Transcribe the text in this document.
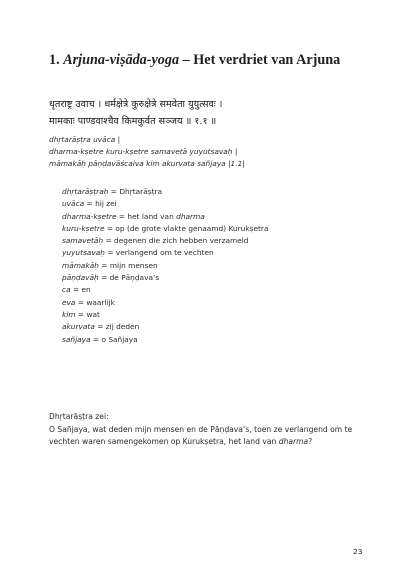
1. Arjuna-viṣāda-yoga – Het verdriet van Arjuna
धृतराष्ट्र उवाच । धर्मक्षेत्रे कुरुक्षेत्रे समवेता युयुत्सवः ।
मामकाः पाण्डवाश्चैव किमकुर्वत सञ्जय ॥ १.१ ॥
dhṛtarāṣṭra uvāca |
dharma-kṣetre kuru-kṣetre samavetā yuyutsavaḥ |
māmakāḥ pāṇḍavāścaiva kim akurvata sañjaya |1.1|
dhṛtarāṣṭraḥ = Dhṛtarāṣṭra
uvāca = hij zei
dharma-kṣetre = het land van dharma
kuru-kṣetre = op (de grote vlakte genaamd) Kurukṣetra
samavetāḥ = degenen die zich hebben verzameld
yuyutsavaḥ = verlangend om te vechten
māmakāḥ = mijn mensen
pāṇḍavāḥ = de Pāṇḍava’s
ca = en
eva = waarlijk
kim = wat
akurvata = zij deden
sañjaya = o Sañjaya
Dhṛtarāṣṭra zei:
O Sañjaya, wat deden mijn mensen en de Pāṇḍava’s, toen ze verlangend om te vechten waren samengekomen op Kurukṣetra, het land van dharma?
23
